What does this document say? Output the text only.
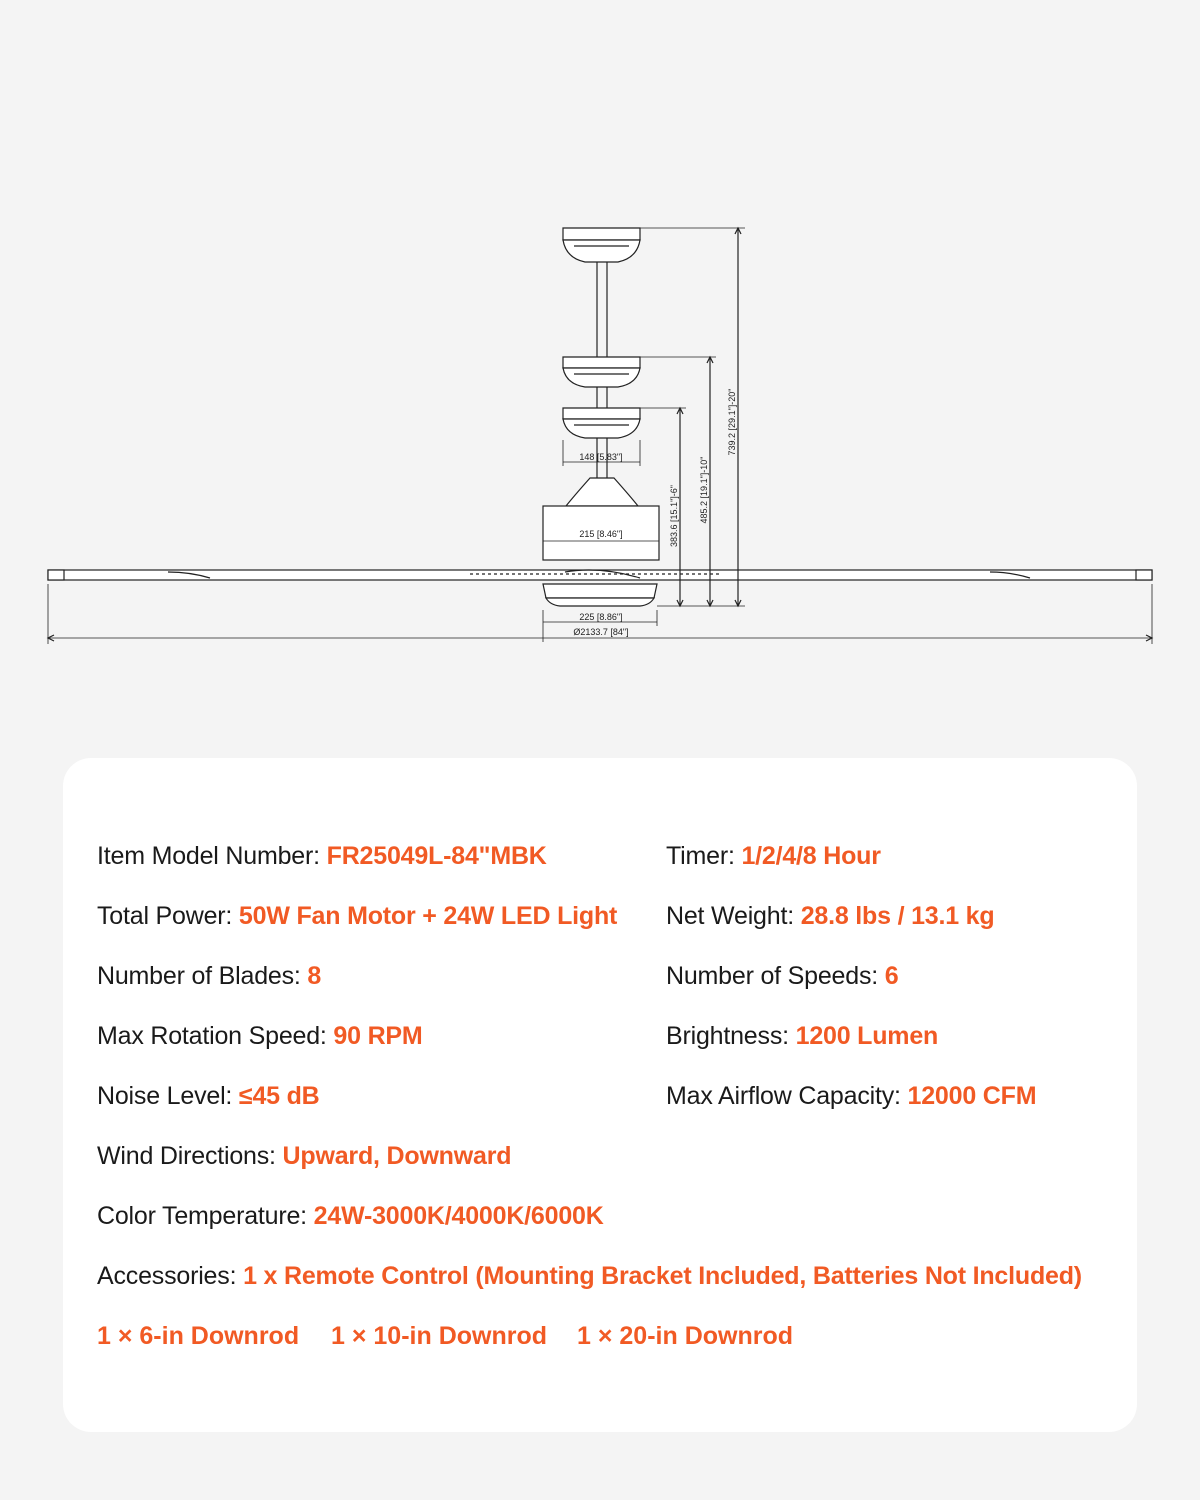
148 [5.83"]
215 [8.46"]
225 [8.86"]
Ø2133.7 [84"]
739.2 [29.1"]-20"
485.2 [19.1"]-10"
383.6 [15.1"]-6"
Item Model Number: FR25049L-84"MBK
Total Power: 50W Fan Motor + 24W LED Light
Number of Blades: 8
Max Rotation Speed: 90 RPM
Noise Level: ≤45 dB
Timer: 1/2/4/8 Hour
Net Weight: 28.8 lbs / 13.1 kg
Number of Speeds: 6
Brightness: 1200 Lumen
Max Airflow Capacity: 12000 CFM
Wind Directions: Upward, Downward
Color Temperature: 24W-3000K/4000K/6000K
Accessories: 1 x Remote Control (Mounting Bracket Included, Batteries Not Included)
1 × 6-in Downrod 1 × 10-in Downrod 1 × 20-in Downrod
